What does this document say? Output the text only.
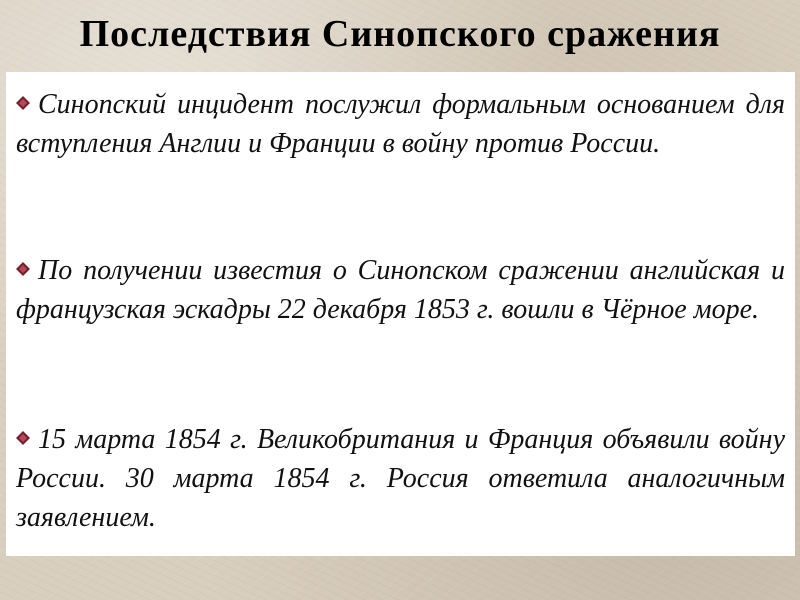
Последствия Синопского сражения
Синопский инцидент послужил формальным основанием для вступления Англии и Франции в войну против России.
По получении известия о Синопском сражении английская и французская эскадры 22 декабря 1853 г. вошли в Чёрное море.
15 марта 1854 г. Великобритания и Франция объявили войну России. 30 марта 1854 г. Россия ответила аналогичным заявлением.
